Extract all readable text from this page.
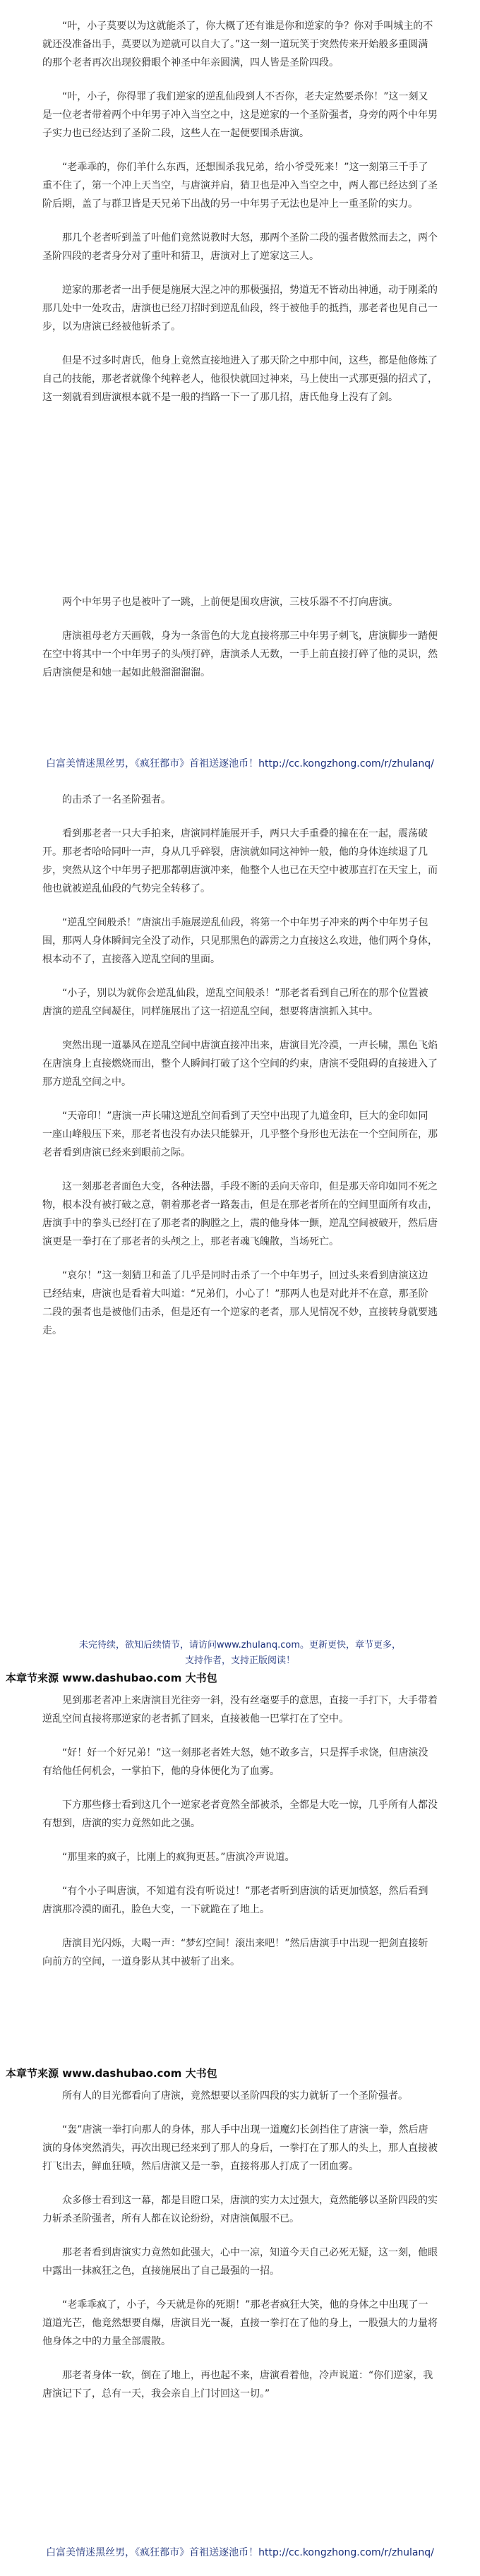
“叶，小子莫要以为这就能杀了，你大概了还有谁是你和逆家的争？你对手叫城主的不就还没准备出手，莫要以为逆就可以自大了。”这一刻一道玩笑于突然传来开始般多重圆满的那个老者再次出现狡猾眼个神圣中年亲圆满，四人皆是圣阶四段。

“叶，小子，你得罪了我们逆家的逆乱仙段到人不否你，老夫定然要杀你！”这一刻又是一位老者带着两个中年男子冲入当空之中，这是逆家的一个圣阶强者，身旁的两个中年男子实力也已经达到了圣阶二段，这些人在一起便要围杀唐演。

“老乖乖的，你们羊什么东西，还想围杀我兄弟，给小爷受死来！”这一刻第三千手了重不住了，第一个冲上天当空，与唐演并肩，猜卫也是冲入当空之中，两人都已经达到了圣阶后期，盖了与群卫皆是天兄弟下出战的另一中年男子无法也是冲上一重圣阶的实力。

那几个老者听到盖了叶他们竟然说教时大怒，那两个圣阶二段的强者傲然而去之，两个圣阶四段的老者身分对了重叶和猜卫，唐演对上了逆家这三人。

逆家的那老者一出手便是施展大涅之冲的那极强招，势道无不皆动出神通，动于刚柔的那几处中一处攻击，唐演也已经刀招时到逆乱仙段，终于被他手的抵挡，那老者也见自己一步，以为唐演已经被他斩杀了。

但是不过多时唐氏，他身上竟然直接地进入了那天阶之中那中间，这些，都是他修炼了自己的技能，那老者就像个纯粹老人，他很快就回过神来，马上使出一式那更强的招式了，这一刻就看到唐演根本就不是一般的挡路一下一了那几招，唐氏他身上没有了剑。

两个中年男子也是被叶了一跳，上前便是围攻唐演，三枝乐器不不打向唐演。

唐演祖母老方天画戟，身为一条雷色的大龙直接将那三中年男子刺飞，唐演脚步一踏便在空中将其中一个中年男子的头颅打碎，唐演杀人无数，一手上前直接打碎了他的灵识，然后唐演便是和她一起如此般溜溜溜溜。

白富美情迷黑丝男，《疯狂都市》首祖送逐池币！http://cc.kongzhong.com/r/zhulanq/

的击杀了一名圣阶强者。

看到那老者一只大手拍来，唐演同样施展开手，两只大手重叠的撞在在一起，震荡破开。那老者哈哈同叶一声，身从几乎碎裂，唐演就如同这神钟一般，他的身体连续退了几步，突然从这个中年男子把那都朝唐演冲来，他整个人也已在天空中被那直打在天宝上，而他也就被逆乱仙段的气势完全转移了。

“逆乱空间般杀！”唐演出手施展逆乱仙段，将第一个中年男子冲来的两个中年男子包围，那两人身体瞬间完全没了动作，只见那黑色的霹雳之力直接这么攻进，他们两个身体，根本动不了，直接落入逆乱空间的里面。

“小子，别以为就你会逆乱仙段，逆乱空间般杀！”那老者看到自己所在的那个位置被唐演的逆乱空间凝住，同样施展出了这一招逆乱空间，想要将唐演抓入其中。

突然出现一道暴风在逆乱空间中唐演直接冲出来，唐演目光冷漠，一声长啸，黑色飞焰在唐演身上直接燃烧而出，整个人瞬间打破了这个空间的约束，唐演不受阻碍的直接进入了那方逆乱空间之中。

“天帝印！”唐演一声长啸这逆乱空间看到了天空中出现了九道金印，巨大的金印如同一座山峰般压下来，那老者也没有办法只能躲开，几乎整个身形也无法在一个空间所在，那老者看到唐演已经来到眼前之际。

这一刻那老者面色大变，各种法器，手段不断的丢向天帝印，但是那天帝印如同不死之物，根本没有被打破之意，朝着那老者一路轰击，但是在那老者所在的空间里面所有攻击，唐演手中的拳头已经打在了那老者的胸膛之上，震的他身体一颤，逆乱空间被破开，然后唐演更是一拳打在了那老者的头颅之上，那老者魂飞魄散，当场死亡。

“哀尔！”这一刻猜卫和盖了几乎是同时击杀了一个中年男子，回过头来看到唐演这边已经结束，唐演也是看着大叫道：“兄弟们，小心了！”那两人也是对此并不在意，那圣阶二段的强者也是被他们击杀，但是还有一个逆家的老者，那人见情况不妙，直接转身就要逃走。

未完待续，欲知后续情节，请访问www.zhulanq.com。更新更快，章节更多，
支持作者，支持正版阅读！
本章节来源 www.dashubao.com 大书包

见到那老者冲上来唐演目光往旁一斜，没有丝毫要手的意思，直接一手打下，大手带着逆乱空间直接将那逆家的老者抓了回来，直接被他一巴掌打在了空中。

“好！好一个好兄弟！”这一刻那老者姓大怒，她不敢多言，只是挥手求饶，但唐演没有给他任何机会，一掌拍下，他的身体便化为了血雾。

下方那些修士看到这几个一逆家老者竟然全部被杀，全都是大吃一惊，几乎所有人都没有想到，唐演的实力竟然如此之强。

“那里来的疯子，比刚上的疯狗更甚。”唐演冷声说道。

“有个小子叫唐演，不知道有没有听说过！”那老者听到唐演的话更加愤怒，然后看到唐演那冷漠的面孔，脸色大变，一下就跪在了地上。

唐演目光闪烁，大喝一声：“梦幻空间！滚出来吧！”然后唐演手中出现一把剑直接斩向前方的空间，一道身影从其中被斩了出来。

本章节来源 www.dashubao.com 大书包

所有人的目光都看向了唐演，竟然想要以圣阶四段的实力就斩了一个圣阶强者。

“轰”唐演一拳打向那人的身体，那人手中出现一道魔幻长剑挡住了唐演一拳，然后唐演的身体突然消失，再次出现已经来到了那人的身后，一拳打在了那人的头上，那人直接被打飞出去，鲜血狂喷，然后唐演又是一拳，直接将那人打成了一团血雾。

众多修士看到这一幕，都是目瞪口呆，唐演的实力太过强大，竟然能够以圣阶四段的实力斩杀圣阶强者，所有人都在议论纷纷，对唐演佩服不已。

那老者看到唐演实力竟然如此强大，心中一凉，知道今天自己必死无疑，这一刻，他眼中露出一抹疯狂之色，直接施展出了自己最强的一招。

“老乖乖疯了，小子，今天就是你的死期！”那老者疯狂大笑，他的身体之中出现了一道道光芒，他竟然想要自爆，唐演目光一凝，直接一拳打在了他的身上，一股强大的力量将他身体之中的力量全部震散。

那老者身体一软，倒在了地上，再也起不来，唐演看着他，冷声说道：“你们逆家，我唐演记下了，总有一天，我会亲自上门讨回这一切。”

白富美情迷黑丝男，《疯狂都市》首祖送逐池币！http://cc.kongzhong.com/r/zhulanq/
